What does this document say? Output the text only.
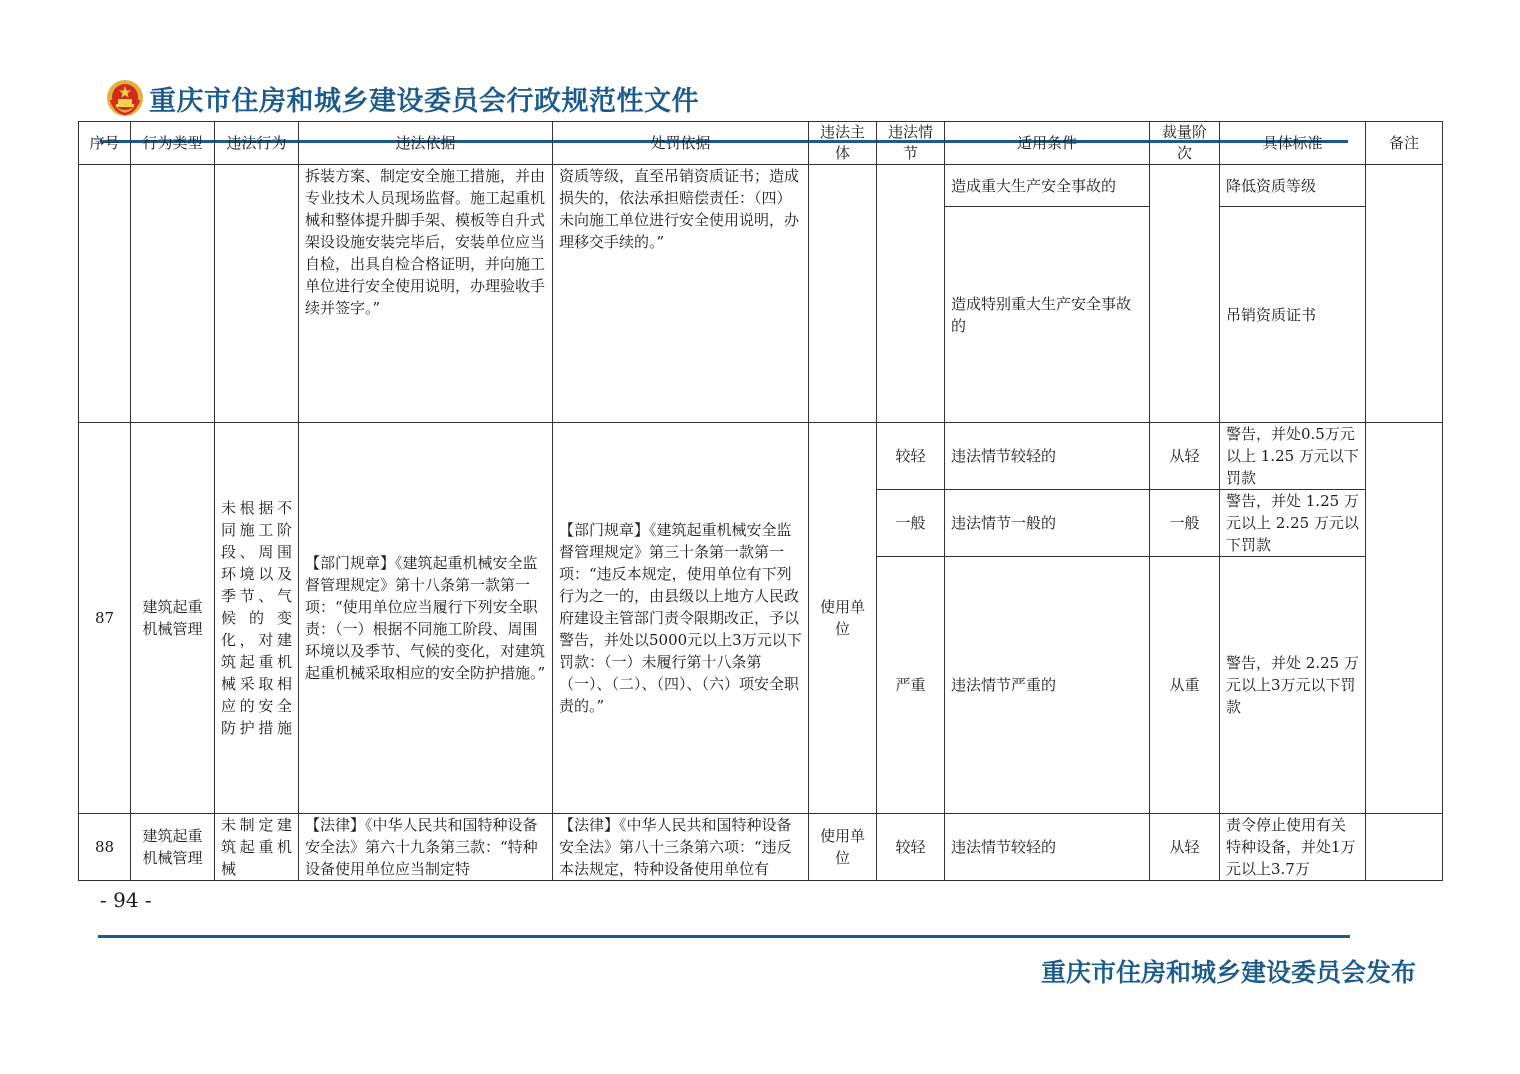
重庆市住房和城乡建设委员会行政规范性文件
序号	行为类型	违法行为	违法依据	处罚依据	违法主体	违法情节	适用条件	裁量阶次	具体标准	备注
			拆装方案、制定安全施工措施，并由专业技术人员现场监督。施工起重机械和整体提升脚手架、模板等自升式架设设施安装完毕后，安装单位应当自检，出具自检合格证明，并向施工单位进行安全使用说明，办理验收手续并签字。”	资质等级，直至吊销资质证书；造成损失的，依法承担赔偿责任：（四）未向施工单位进行安全使用说明，办理移交手续的。”			造成重大生产安全事故的		降低资质等级	
							造成特别重大生产安全事故的		吊销资质证书	
87	建筑起重机械管理	未根据不同施工阶段、周围环境以及季节、气候的变化，对建筑起重机械采取相应的安全防护措施	【部门规章】《建筑起重机械安全监督管理规定》第十八条第一款第一项：“使用单位应当履行下列安全职责：（一）根据不同施工阶段、周围环境以及季节、气候的变化，对建筑起重机械采取相应的安全防护措施。”	【部门规章】《建筑起重机械安全监督管理规定》第三十条第一款第一项：“违反本规定，使用单位有下列行为之一的，由县级以上地方人民政府建设主管部门责令限期改正，予以警告，并处以5000元以上3万元以下罚款：（一）未履行第十八条第（一）、（二）、（四）、（六）项安全职责的。”	使用单位	较轻	违法情节较轻的	从轻	警告，并处0.5万元以上 1.25 万元以下罚款	
						一般	违法情节一般的	一般	警告，并处 1.25 万元以上 2.25 万元以下罚款	
						严重	违法情节严重的	从重	警告，并处 2.25 万元以上3万元以下罚款	
88	建筑起重机械管理	未制定建筑起重机械	【法律】《中华人民共和国特种设备安全法》第六十九条第三款：“特种设备使用单位应当制定特	【法律】《中华人民共和国特种设备安全法》第八十三条第六项：“违反本法规定，特种设备使用单位有	使用单位	较轻	违法情节较轻的	从轻	责令停止使用有关特种设备，并处1万元以上3.7万	
- 94 -
重庆市住房和城乡建设委员会发布
